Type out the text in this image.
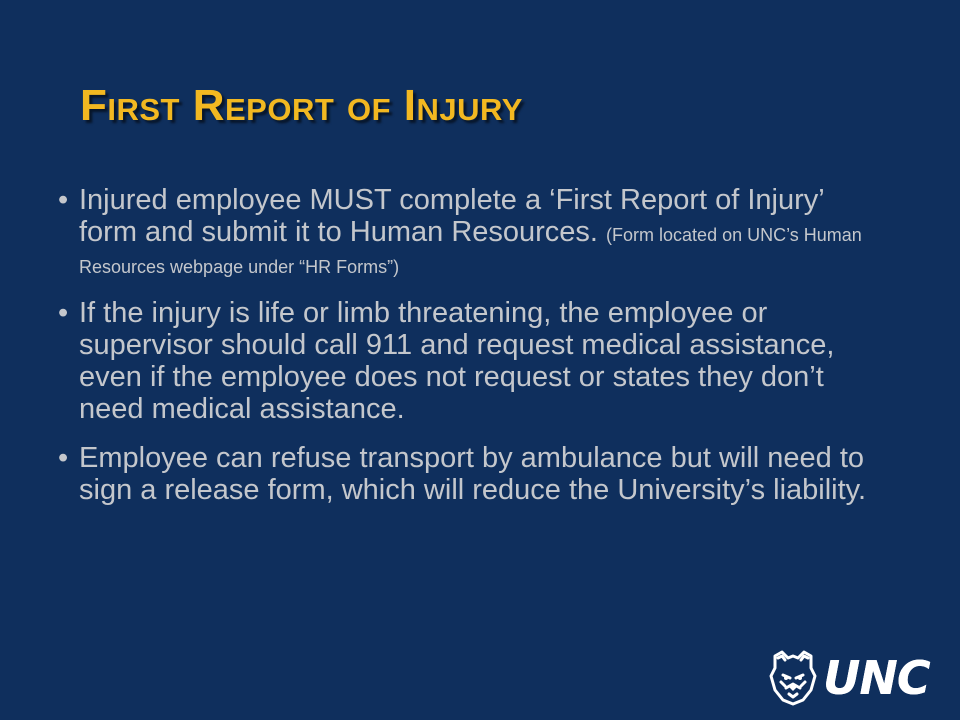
First Report of Injury
• Injured employee MUST complete a ‘First Report of Injury’ form and submit it to Human Resources. (Form located on UNC’s Human Resources webpage under “HR Forms”)
• If the injury is life or limb threatening, the employee or supervisor should call 911 and request medical assistance, even if the employee does not request or states they don’t need medical assistance.
• Employee can refuse transport by ambulance but will need to sign a release form, which will reduce the University’s liability.
UNC
